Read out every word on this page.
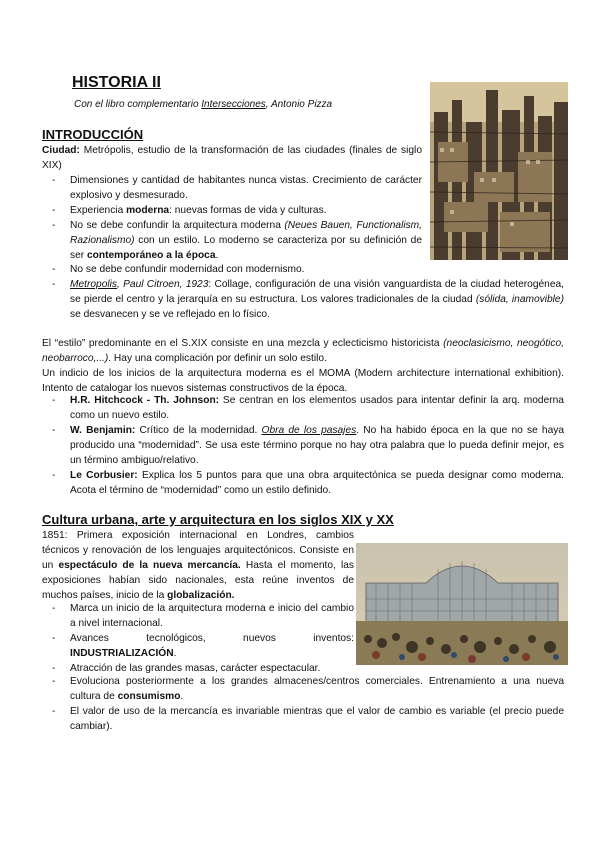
HISTORIA II
Con el libro complementario Intersecciones, Antonio Pizza
INTRODUCCIÓN
Ciudad: Metrópolis, estudio de la transformación de las ciudades (finales de siglo XIX)
- Dimensiones y cantidad de habitantes nunca vistas. Crecimiento de carácter explosivo y desmesurado.
- Experiencia moderna: nuevas formas de vida y culturas.
- No se debe confundir la arquitectura moderna (Neues Bauen, Functionalism, Razionalismo) con un estilo. Lo moderno se caracteriza por su definición de ser contemporáneo a la época.
- No se debe confundir modernidad con modernismo.
- Metropolis, Paul Citroen, 1923: Collage, configuración de una visión vanguardista de la ciudad heterogénea, se pierde el centro y la jerarquía en su estructura. Los valores tradicionales de la ciudad (sólida, inamovible) se desvanecen y se ve reflejado en lo físico.
El “estilo” predominante en el S.XIX consiste en una mezcla y eclecticismo historicista (neoclasicismo, neogótico, neobarroco,...). Hay una complicación por definir un solo estilo.
Un indicio de los inicios de la arquitectura moderna es el MOMA (Modern architecture international exhibition). Intento de catalogar los nuevos sistemas constructivos de la época.
- H.R. Hitchcock - Th. Johnson: Se centran en los elementos usados para intentar definir la arq. moderna como un nuevo estilo.
- W. Benjamin: Crítico de la modernidad. Obra de los pasajes. No ha habido época en la que no se haya producido una “modernidad”. Se usa este término porque no hay otra palabra que lo pueda definir mejor, es un término ambiguo/relativo.
- Le Corbusier: Explica los 5 puntos para que una obra arquitectónica se pueda designar como moderna. Acota el término de “modernidad” como un estilo definido.
Cultura urbana, arte y arquitectura en los siglos XIX y XX
1851: Primera exposición internacional en Londres, cambios técnicos y renovación de los lenguajes arquitectónicos. Consiste en un espectáculo de la nueva mercancía. Hasta el momento, las exposiciones habían sido nacionales, esta reúne inventos de muchos países, inicio de la globalización.
- Marca un inicio de la arquitectura moderna e inicio del cambio a nivel internacional.
- Avances tecnológicos, nuevos inventos: INDUSTRIALIZACIÓN.
- Atracción de las grandes masas, carácter espectacular.
- Evoluciona posteriormente a los grandes almacenes/centros comerciales. Entrenamiento a una nueva cultura de consumismo.
- El valor de uso de la mercancía es invariable mientras que el valor de cambio es variable (el precio puede cambiar).
